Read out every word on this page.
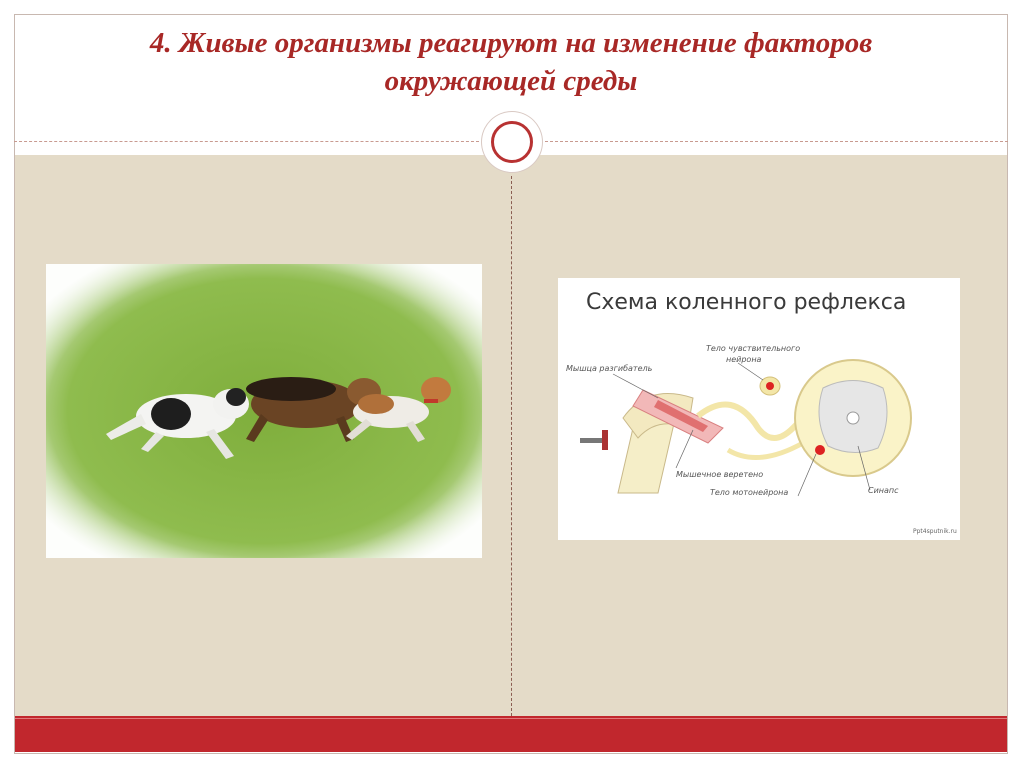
4. Живые организмы реагируют на изменение факторов
окружающей среды
Схема коленного рефлекса
Мышца разгибатель
Тело чувствительного
нейрона
Мышечное веретено
Тело мотонейрона	Синапс
Ppt4sputnik.ru
